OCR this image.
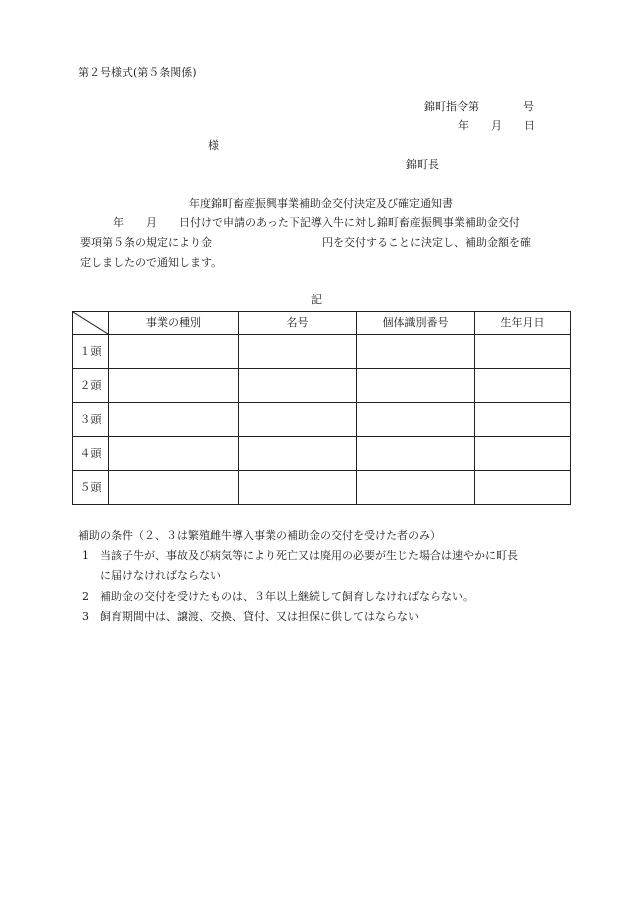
第２号様式(第５条関係)
錦町指令第　　　　号
年　　月　　日
様
錦町長
年度錦町畜産振興事業補助金交付決定及び確定通知書
　　　年　　月　　日付けで申請のあった下記導入牛に対し錦町畜産振興事業補助金交付
要項第５条の規定により金　　　　　　　　　　円を交付することに決定し、補助金額を確
定しましたので通知します。
記
	事業の種別	名号	個体識別番号	生年月日
１頭				
２頭				
３頭				
４頭				
５頭				
補助の条件（２、３は繁殖雌牛導入事業の補助金の交付を受けた者のみ）
1 当該子牛が、事故及び病気等により死亡又は廃用の必要が生じた場合は速やかに町長
に届けなければならない
2 補助金の交付を受けたものは、３年以上継続して飼育しなければならない。
3 飼育期間中は、譲渡、交換、貸付、又は担保に供してはならない
